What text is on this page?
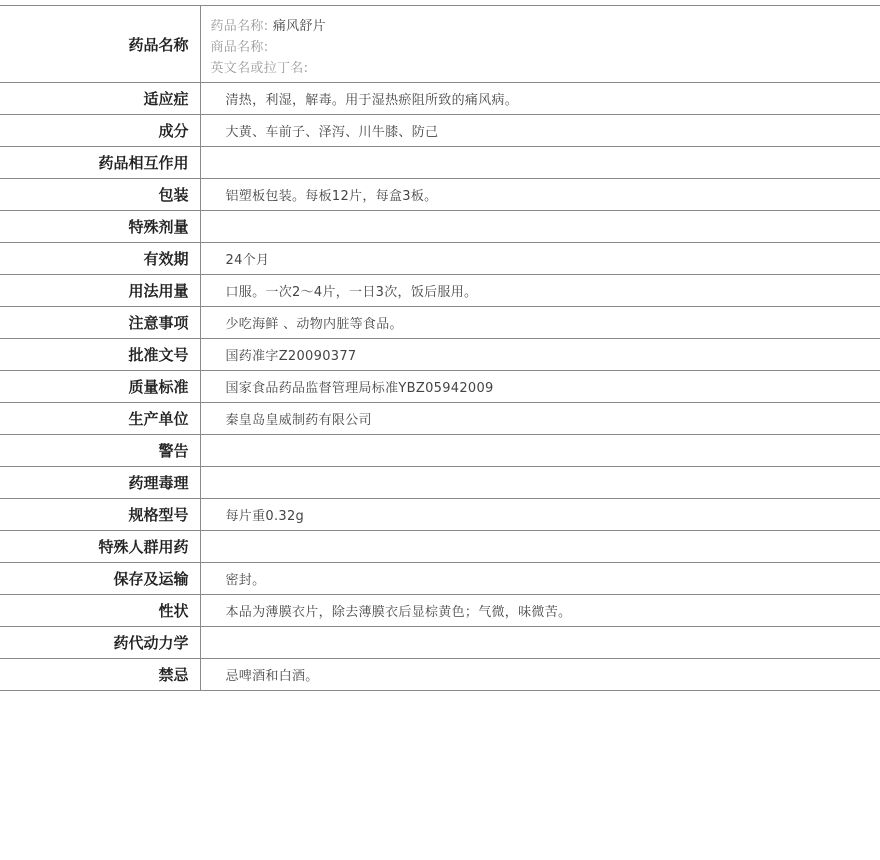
药品名称	药品名称: 痛风舒片
商品名称:
英文名或拉丁名:

适应症	清热，利湿，解毒。用于湿热瘀阻所致的痛风病。
成分	大黄、车前子、泽泻、川牛膝、防己
药品相互作用	
包装	铝塑板包装。每板12片，每盒3板。
特殊剂量	
有效期	24个月
用法用量	口服。一次2～4片，一日3次，饭后服用。
注意事项	少吃海鲜 、动物内脏等食品。
批准文号	国药准字Z20090377
质量标准	国家食品药品监督管理局标准YBZ05942009
生产单位	秦皇岛皇威制药有限公司
警告	
药理毒理	
规格型号	每片重0.32g
特殊人群用药	
保存及运输	密封。
性状	本品为薄膜衣片，除去薄膜衣后显棕黄色；气微，味微苦。
药代动力学	
禁忌	忌啤酒和白酒。
